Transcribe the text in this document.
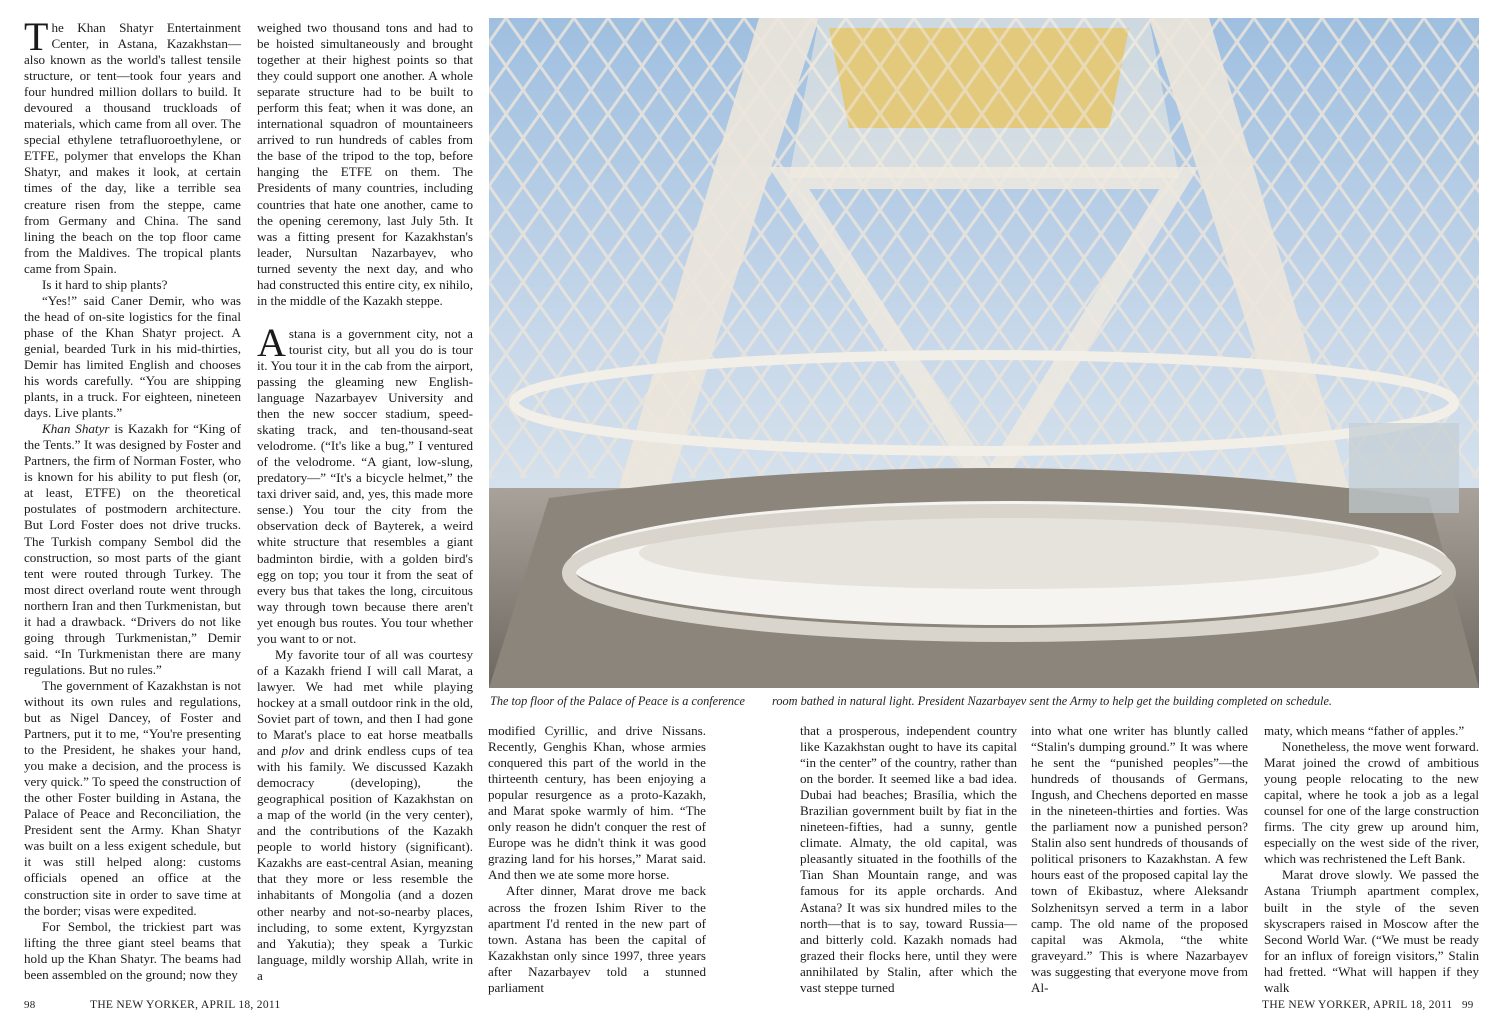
The Khan Shatyr Entertainment Center, in Astana, Kazakhstan—also known as the world's tallest tensile structure, or tent—took four years and four hundred million dollars to build. It devoured a thousand truckloads of materials, which came from all over. The special ethylene tetrafluoroethylene, or ETFE, polymer that envelops the Khan Shatyr, and makes it look, at certain times of the day, like a terrible sea creature risen from the steppe, came from Germany and China. The sand lining the beach on the top floor came from the Maldives. The tropical plants came from Spain.

Is it hard to ship plants?

“Yes!” said Caner Demir, who was the head of on-site logistics for the final phase of the Khan Shatyr project. A genial, bearded Turk in his mid-thirties, Demir has limited English and chooses his words carefully. “You are shipping plants, in a truck. For eighteen, nineteen days. Live plants.”

Khan Shatyr is Kazakh for “King of the Tents.” It was designed by Foster and Partners, the firm of Norman Foster, who is known for his ability to put flesh (or, at least, ETFE) on the theoretical postulates of postmodern architecture. But Lord Foster does not drive trucks. The Turkish company Sembol did the construction, so most parts of the giant tent were routed through Turkey. The most direct overland route went through northern Iran and then Turkmenistan, but it had a drawback. “Drivers do not like going through Turkmenistan,” Demir said. “In Turkmenistan there are many regulations. But no rules.”

The government of Kazakhstan is not without its own rules and regulations, but as Nigel Dancey, of Foster and Partners, put it to me, “You're presenting to the President, he shakes your hand, you make a decision, and the process is very quick.” To speed the construction of the other Foster building in Astana, the Palace of Peace and Reconciliation, the President sent the Army. Khan Shatyr was built on a less exigent schedule, but it was still helped along: customs officials opened an office at the construction site in order to save time at the border; visas were expedited.

For Sembol, the trickiest part was lifting the three giant steel beams that hold up the Khan Shatyr. The beams had been assembled on the ground; now they

weighed two thousand tons and had to be hoisted simultaneously and brought together at their highest points so that they could support one another. A whole separate structure had to be built to perform this feat; when it was done, an international squadron of mountaineers arrived to run hundreds of cables from the base of the tripod to the top, before hanging the ETFE on them. The Presidents of many countries, including countries that hate one another, came to the opening ceremony, last July 5th. It was a fitting present for Kazakhstan's leader, Nursultan Nazarbayev, who turned seventy the next day, and who had constructed this entire city, ex nihilo, in the middle of the Kazakh steppe.

Astana is a government city, not a tourist city, but all you do is tour it. You tour it in the cab from the airport, passing the gleaming new English-language Nazarbayev University and then the new soccer stadium, speed-skating track, and ten-thousand-seat velodrome. (“It's like a bug,” I ventured of the velodrome. “A giant, low-slung, predatory—” “It's a bicycle helmet,” the taxi driver said, and, yes, this made more sense.) You tour the city from the observation deck of Bayterek, a weird white structure that resembles a giant badminton birdie, with a golden bird's egg on top; you tour it from the seat of every bus that takes the long, circuitous way through town because there aren't yet enough bus routes. You tour whether you want to or not.

My favorite tour of all was courtesy of a Kazakh friend I will call Marat, a lawyer. We had met while playing hockey at a small outdoor rink in the old, Soviet part of town, and then I had gone to Marat's place to eat horse meatballs and plov and drink endless cups of tea with his family. We discussed Kazakh democracy (developing), the geographical position of Kazakhstan on a map of the world (in the very center), and the contributions of the Kazakh people to world history (significant). Kazakhs are east-central Asian, meaning that they more or less resemble the inhabitants of Mongolia (and a dozen other nearby and not-so-nearby places, including, to some extent, Kyrgyzstan and Yakutia); they speak a Turkic language, mildly worship Allah, write in a

The top floor of the Palace of Peace is a conference room bathed in natural light. President Nazarbayev sent the Army to help get the building completed on schedule.

modified Cyrillic, and drive Nissans. Recently, Genghis Khan, whose armies conquered this part of the world in the thirteenth century, has been enjoying a popular resurgence as a proto-Kazakh, and Marat spoke warmly of him. “The only reason he didn't conquer the rest of Europe was he didn't think it was good grazing land for his horses,” Marat said. And then we ate some more horse.

After dinner, Marat drove me back across the frozen Ishim River to the apartment I'd rented in the new part of town. Astana has been the capital of Kazakhstan only since 1997, three years after Nazarbayev told a stunned parliament

that a prosperous, independent country like Kazakhstan ought to have its capital “in the center” of the country, rather than on the border. It seemed like a bad idea. Dubai had beaches; Brasília, which the Brazilian government built by fiat in the nineteen-fifties, had a sunny, gentle climate. Almaty, the old capital, was pleasantly situated in the foothills of the Tian Shan Mountain range, and was famous for its apple orchards. And Astana? It was six hundred miles to the north—that is to say, toward Russia—and bitterly cold. Kazakh nomads had grazed their flocks here, until they were annihilated by Stalin, after which the vast steppe turned

into what one writer has bluntly called “Stalin's dumping ground.” It was where he sent the “punished peoples”—the hundreds of thousands of Germans, Ingush, and Chechens deported en masse in the nineteen-thirties and forties. Was the parliament now a punished person? Stalin also sent hundreds of thousands of political prisoners to Kazakhstan. A few hours east of the proposed capital lay the town of Ekibastuz, where Aleksandr Solzhenitsyn served a term in a labor camp. The old name of the proposed capital was Akmola, “the white graveyard.” This is where Nazarbayev was suggesting that everyone move from Al-

maty, which means “father of apples.”

Nonetheless, the move went forward. Marat joined the crowd of ambitious young people relocating to the new capital, where he took a job as a legal counsel for one of the large construction firms. The city grew up around him, especially on the west side of the river, which was rechristened the Left Bank.

Marat drove slowly. We passed the Astana Triumph apartment complex, built in the style of the seven skyscrapers raised in Moscow after the Second World War. (“We must be ready for an influx of foreign visitors,” Stalin had fretted. “What will happen if they walk

98	THE NEW YORKER, APRIL 18, 2011	THE NEW YORKER, APRIL 18, 2011 99
